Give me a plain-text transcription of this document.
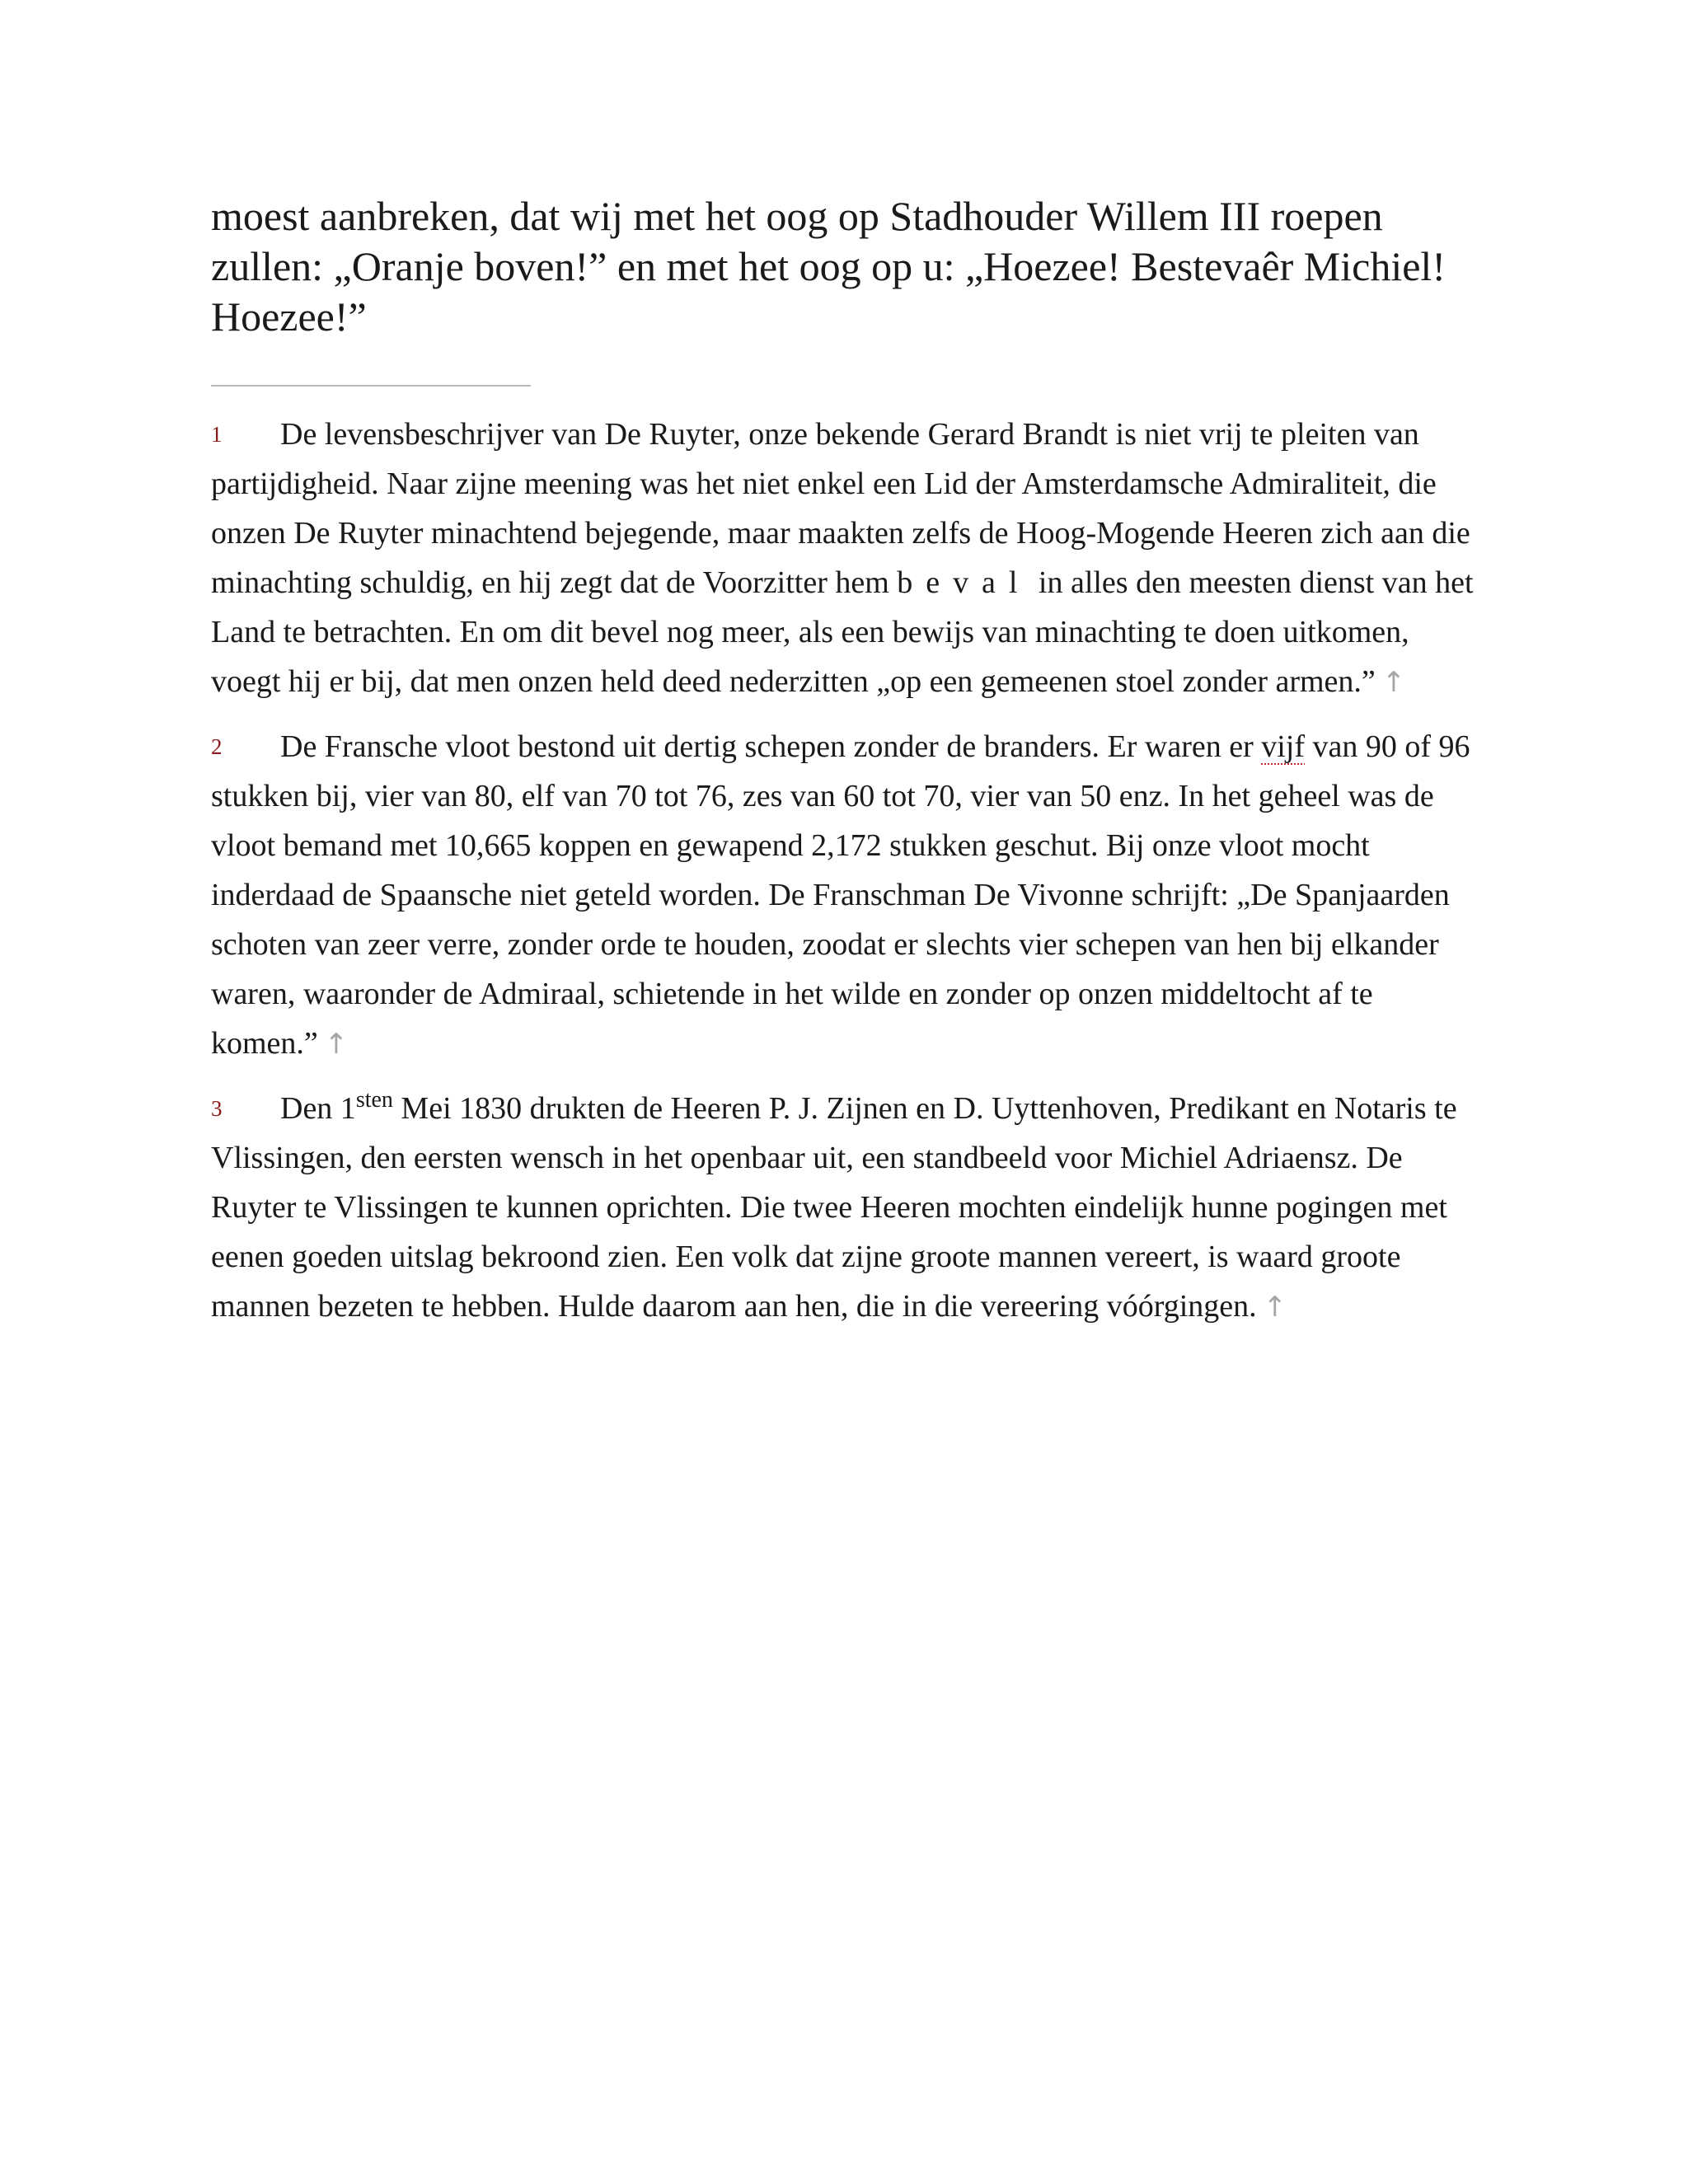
moest aanbreken, dat wij met het oog op Stadhouder Willem III roepen zullen: „Oranje boven!” en met het oog op u: „Hoezee! Bestevaêr Michiel! Hoezee!”

1 De levensbeschrijver van De Ruyter, onze bekende Gerard Brandt is niet vrij te pleiten van partijdigheid. Naar zijne meening was het niet enkel een Lid der Amsterdamsche Admiraliteit, die onzen De Ruyter minachtend bejegende, maar maakten zelfs de Hoog-Mogende Heeren zich aan die minachting schuldig, en hij zegt dat de Voorzitter hem beval in alles den meesten dienst van het Land te betrachten. En om dit bevel nog meer, als een bewijs van minachting te doen uitkomen, voegt hij er bij, dat men onzen held deed nederzitten „op een gemeenen stoel zonder armen.” ↑

2 De Fransche vloot bestond uit dertig schepen zonder de branders. Er waren er vijf van 90 of 96 stukken bij, vier van 80, elf van 70 tot 76, zes van 60 tot 70, vier van 50 enz. In het geheel was de vloot bemand met 10,665 koppen en gewapend 2,172 stukken geschut. Bij onze vloot mocht inderdaad de Spaansche niet geteld worden. De Franschman De Vivonne schrijft: „De Spanjaarden schoten van zeer verre, zonder orde te houden, zoodat er slechts vier schepen van hen bij elkander waren, waaronder de Admiraal, schietende in het wilde en zonder op onzen middeltocht af te komen.” ↑

3 Den $1^{sten}$ Mei 1830 drukten de Heeren P. J. Zijnen en D. Uyttenhoven, Predikant en Notaris te Vlissingen, den eersten wensch in het openbaar uit, een standbeeld voor Michiel Adriaensz. De Ruyter te Vlissingen te kunnen oprichten. Die twee Heeren mochten eindelijk hunne pogingen met eenen goeden uitslag bekroond zien. Een volk dat zijne groote mannen vereert, is waard groote mannen bezeten te hebben. Hulde daarom aan hen, die in die vereering vóórgingen. ↑
